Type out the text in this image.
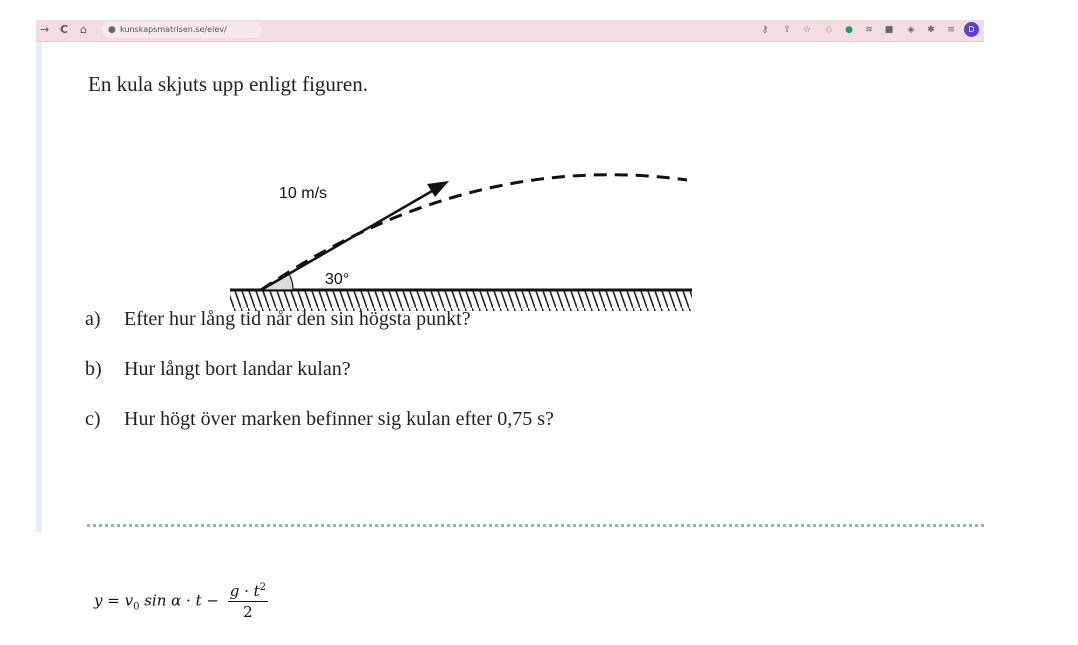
→ C ⌂ ● kunskapsmatrisen.se/elev/	⚷	⇪	☆	◇	●	≋	■	◈	✱	≡	D
En kula skjuts upp enligt figuren.
10 m/s
30°
a) Efter hur lång tid når den sin högsta punkt?
b) Hur långt bort landar kulan?
c) Hur högt över marken befinner sig kulan efter 0,75 s?
$y = v_0$ $\sin \alpha \cdot t - \frac{g \cdot t^2}{2}$
